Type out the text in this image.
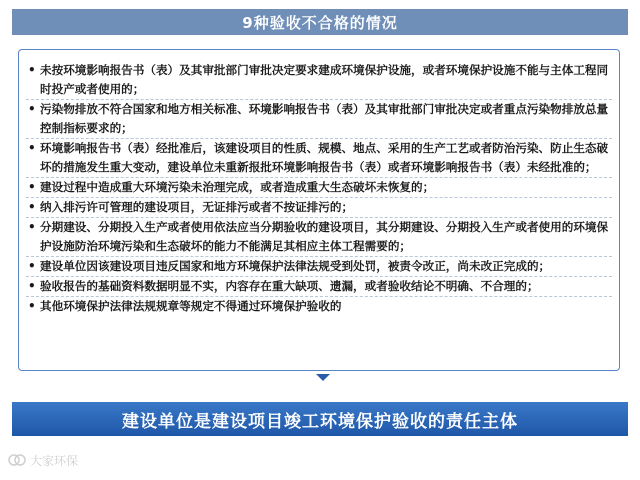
9种验收不合格的情况
• 未按环境影响报告书（表）及其审批部门审批决定要求建成环境保护设施，或者环境保护设施不能与主体工程同时投产或者使用的；
• 污染物排放不符合国家和地方相关标准、环境影响报告书（表）及其审批部门审批决定或者重点污染物排放总量控制指标要求的；
• 环境影响报告书（表）经批准后，该建设项目的性质、规模、地点、采用的生产工艺或者防治污染、防止生态破坏的措施发生重大变动，建设单位未重新报批环境影响报告书（表）或者环境影响报告书（表）未经批准的；
• 建设过程中造成重大环境污染未治理完成，或者造成重大生态破坏未恢复的；
• 纳入排污许可管理的建设项目，无证排污或者不按证排污的；
• 分期建设、分期投入生产或者使用依法应当分期验收的建设项目，其分期建设、分期投入生产或者使用的环境保护设施防治环境污染和生态破坏的能力不能满足其相应主体工程需要的；
• 建设单位因该建设项目违反国家和地方环境保护法律法规受到处罚，被责令改正，尚未改正完成的；
• 验收报告的基础资料数据明显不实，内容存在重大缺项、遗漏，或者验收结论不明确、不合理的；
• 其他环境保护法律法规规章等规定不得通过环境保护验收的
建设单位是建设项目竣工环境保护验收的责任主体
大家环保
